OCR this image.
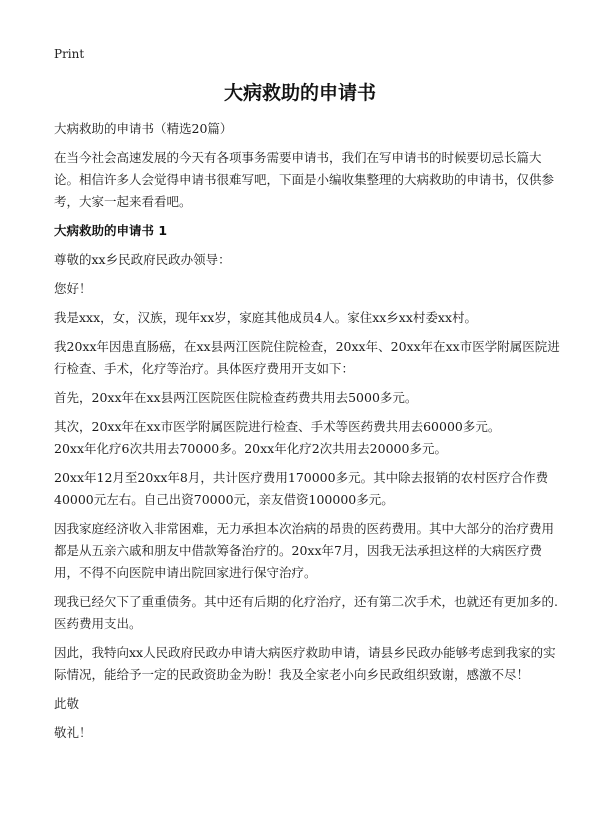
Print
大病救助的申请书

大病救助的申请书（精选20篇）

在当今社会高速发展的今天有各项事务需要申请书，我们在写申请书的时候要切忌长篇大论。相信许多人会觉得申请书很难写吧，下面是小编收集整理的大病救助的申请书，仅供参考，大家一起来看看吧。

大病救助的申请书 1

尊敬的xx乡民政府民政办领导：

您好！

我是xxx，女，汉族，现年xx岁，家庭其他成员4人。家住xx乡xx村委xx村。

我20xx年因患直肠癌，在xx县两江医院住院检查，20xx年、20xx年在xx市医学附属医院进行检查、手术，化疗等治疗。具体医疗费用开支如下：

首先，20xx年在xx县两江医院医住院检查药费共用去5000多元。

其次，20xx年在xx市医学附属医院进行检查、手术等医药费共用去60000多元。

20xx年化疗6次共用去70000多。20xx年化疗2次共用去20000多元。

20xx年12月至20xx年8月，共计医疗费用170000多元。其中除去报销的农村医疗合作费40000元左右。自己出资70000元，亲友借资100000多元。

因我家庭经济收入非常困难，无力承担本次治病的昂贵的医药费用。其中大部分的治疗费用都是从五亲六戚和朋友中借款筹备治疗的。20xx年7月，因我无法承担这样的大病医疗费用，不得不向医院申请出院回家进行保守治疗。

现我已经欠下了重重债务。其中还有后期的化疗治疗，还有第二次手术，也就还有更加多的.医药费用支出。

因此，我特向xx人民政府民政办申请大病医疗救助申请，请县乡民政办能够考虑到我家的实际情况，能给予一定的民政资助金为盼！我及全家老小向乡民政组织致谢，感激不尽！

此敬

敬礼！
